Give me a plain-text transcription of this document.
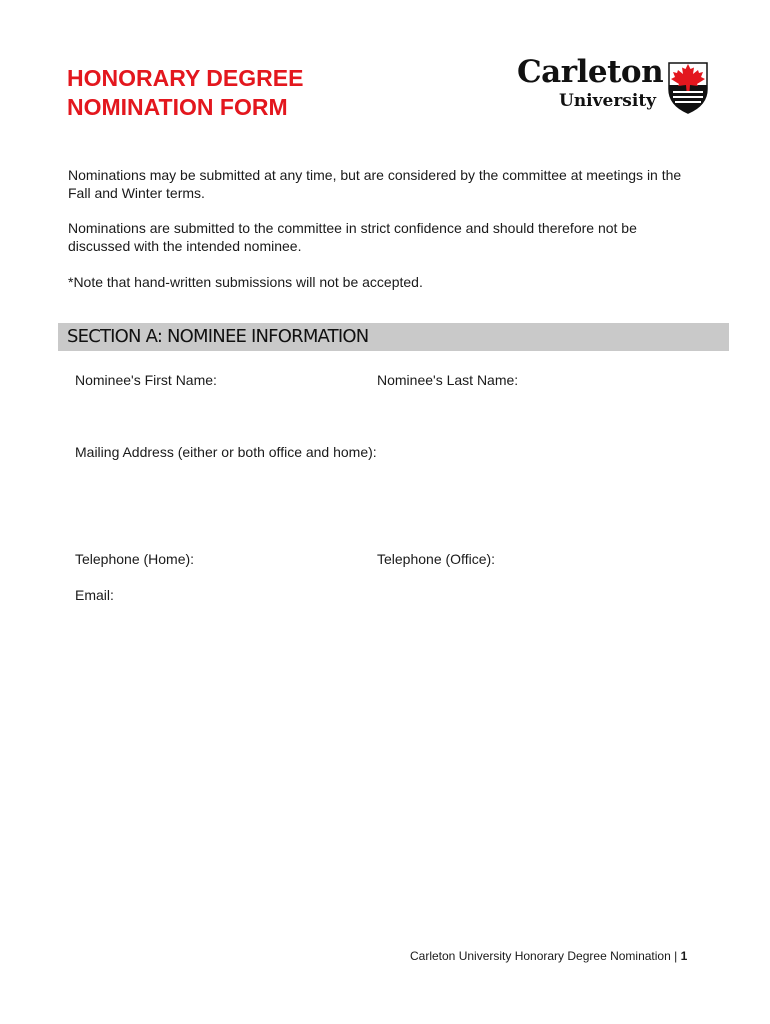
HONORARY DEGREE
NOMINATION FORM
Carleton
University

Nominations may be submitted at any time, but are considered by the committee at meetings in the Fall and Winter terms.

Nominations are submitted to the committee in strict confidence and should therefore not be discussed with the intended nominee.

*Note that hand-written submissions will not be accepted.

SECTION A: NOMINEE INFORMATION
Nominee's First Name:	Nominee's Last Name:
Mailing Address (either or both office and home):
Telephone (Home):	Telephone (Office):
Email:
Carleton University Honorary Degree Nomination | 1
